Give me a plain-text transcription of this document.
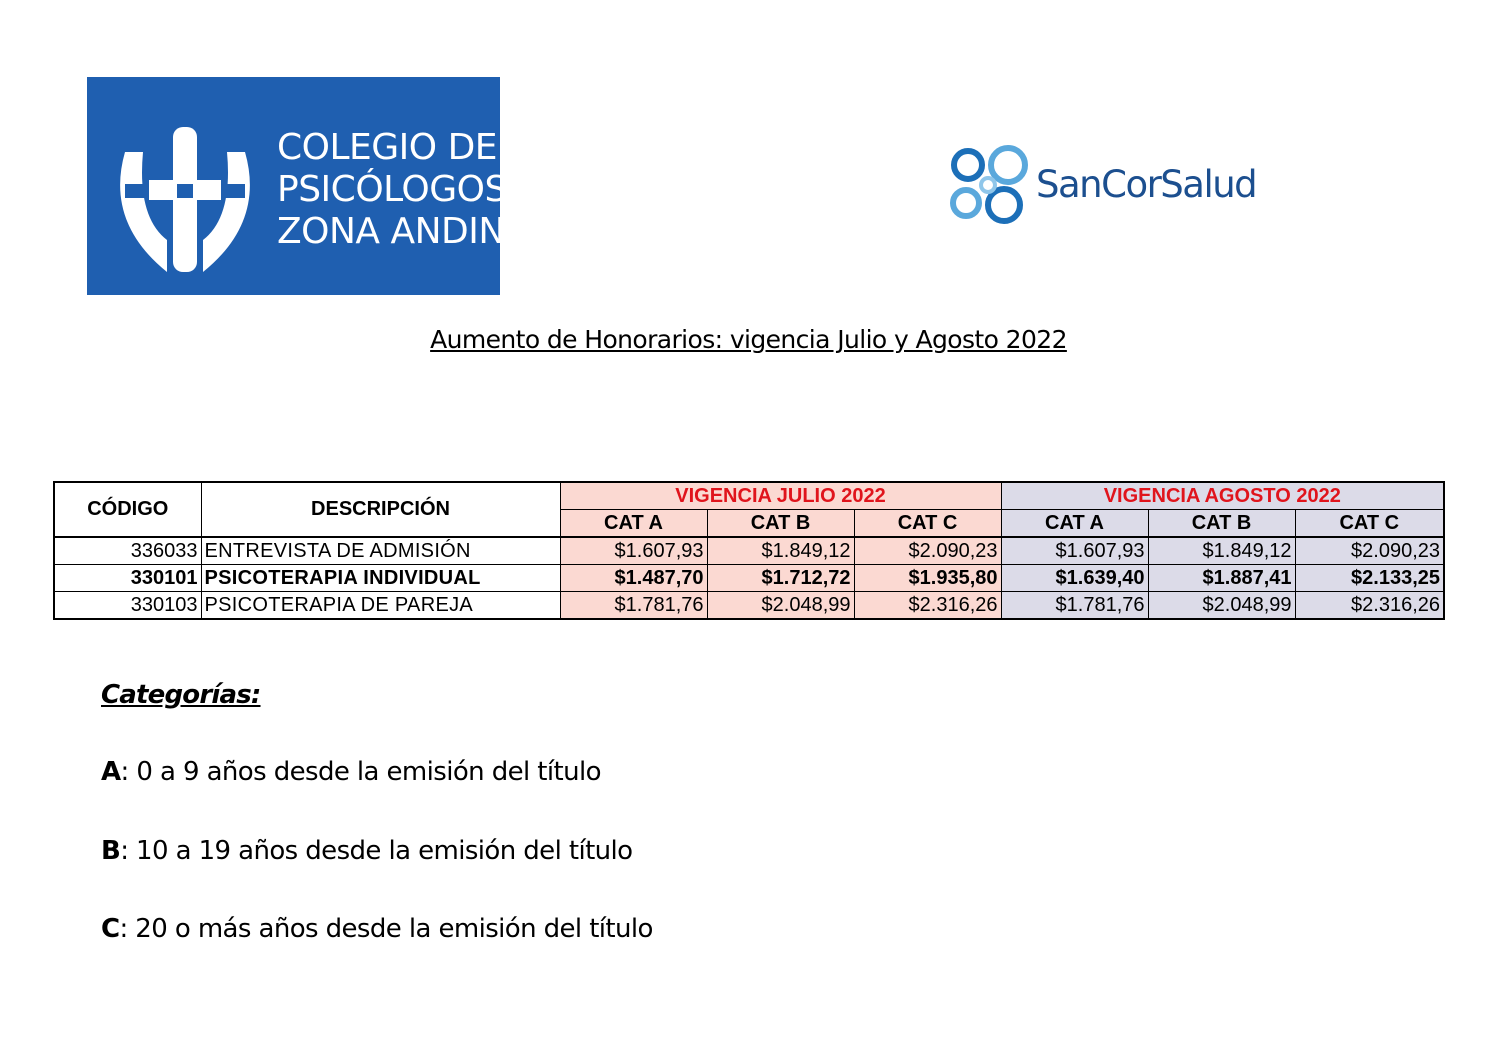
COLEGIO DE
PSICÓLOGOS
ZONA ANDINA
SanCorSalud
Aumento de Honorarios: vigencia Julio y Agosto 2022
CÓDIGO	DESCRIPCIÓN	VIGENCIA JULIO 2022			VIGENCIA AGOSTO 2022		
		CAT A	CAT B	CAT C	CAT A	CAT B	CAT C
336033	ENTREVISTA DE ADMISIÓN	$1.607,93	$1.849,12	$2.090,23	$1.607,93	$1.849,12	$2.090,23
330101	PSICOTERAPIA INDIVIDUAL	$1.487,70	$1.712,72	$1.935,80	$1.639,40	$1.887,41	$2.133,25
330103	PSICOTERAPIA DE PAREJA	$1.781,76	$2.048,99	$2.316,26	$1.781,76	$2.048,99	$2.316,26
Categorías:
A: 0 a 9 años desde la emisión del título
B: 10 a 19 años desde la emisión del título
C: 20 o más años desde la emisión del título
